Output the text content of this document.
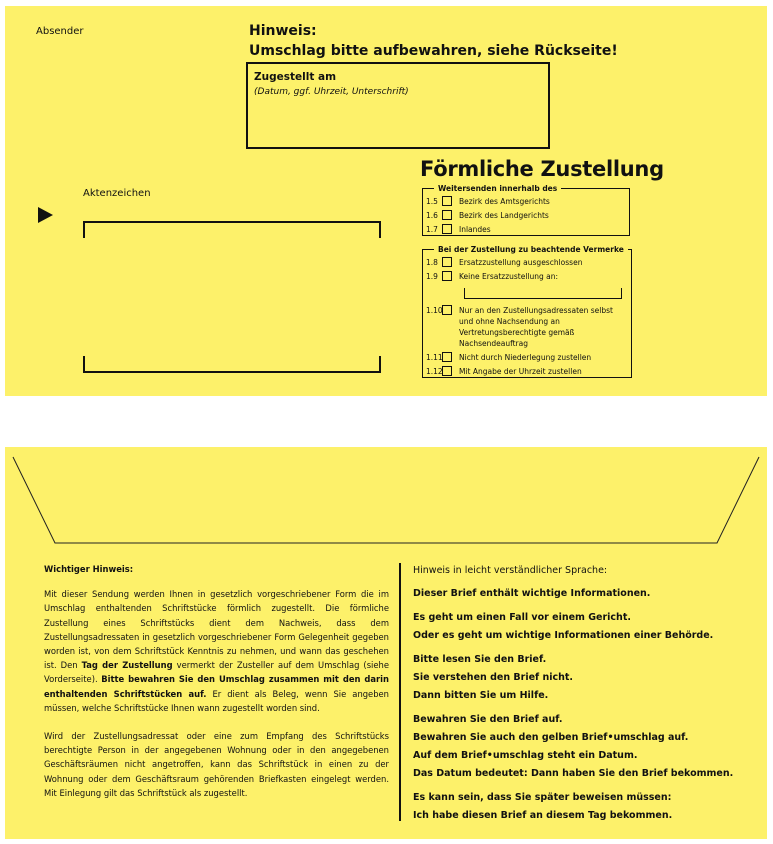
Absender	Hinweis:
Umschlag bitte aufbewahren, siehe Rückseite!
Zugestellt am
(Datum, ggf. Uhrzeit, Unterschrift)
Förmliche Zustellung
Aktenzeichen	Weitersenden innerhalb des
1.5	Bezirk des Amtsgerichts
1.6	Bezirk des Landgerichts
1.7	Inlandes
Bei der Zustellung zu beachtende Vermerke
1.8	Ersatzzustellung ausgeschlossen
1.9	Keine Ersatzzustellung an:
1.10 Nur an den Zustellungsadressaten selbst und ohne Nachsendung an Vertretungsberechtigte gemäß Nachsendeauftrag
1.11 Nicht durch Niederlegung zustellen
1.12 Mit Angabe der Uhrzeit zustellen
Wichtiger Hinweis:

Mit dieser Sendung werden Ihnen in gesetzlich vorgeschriebener Form die im Umschlag enthaltenden Schriftstücke förmlich zugestellt. Die förmliche Zustellung eines Schriftstücks dient dem Nachweis, dass dem Zustellungsadressaten in gesetzlich vorgeschriebener Form Gelegenheit gegeben worden ist, von dem Schriftstück Kenntnis zu nehmen, und wann das geschehen ist. Den Tag der Zustellung vermerkt der Zusteller auf dem Umschlag (siehe Vorderseite). Bitte bewahren Sie den Umschlag zusammen mit den darin enthaltenden Schriftstücken auf. Er dient als Beleg, wenn Sie angeben müssen, welche Schriftstücke Ihnen wann zugestellt worden sind.

Wird der Zustellungsadressat oder eine zum Empfang des Schriftstücks berechtigte Person in der angegebenen Wohnung oder in den angegebenen Geschäftsräumen nicht angetroffen, kann das Schriftstück in einen zu der Wohnung oder dem Geschäftsraum gehörenden Briefkasten eingelegt werden. Mit Einlegung gilt das Schriftstück als zugestellt.

Hinweis in leicht verständlicher Sprache:

Dieser Brief enthält wichtige Informationen.

Es geht um einen Fall vor einem Gericht.
Oder es geht um wichtige Informationen einer Behörde.

Bitte lesen Sie den Brief.
Sie verstehen den Brief nicht.
Dann bitten Sie um Hilfe.

Bewahren Sie den Brief auf.
Bewahren Sie auch den gelben Brief•umschlag auf.
Auf dem Brief•umschlag steht ein Datum.
Das Datum bedeutet: Dann haben Sie den Brief bekommen.

Es kann sein, dass Sie später beweisen müssen:
Ich habe diesen Brief an diesem Tag bekommen.
